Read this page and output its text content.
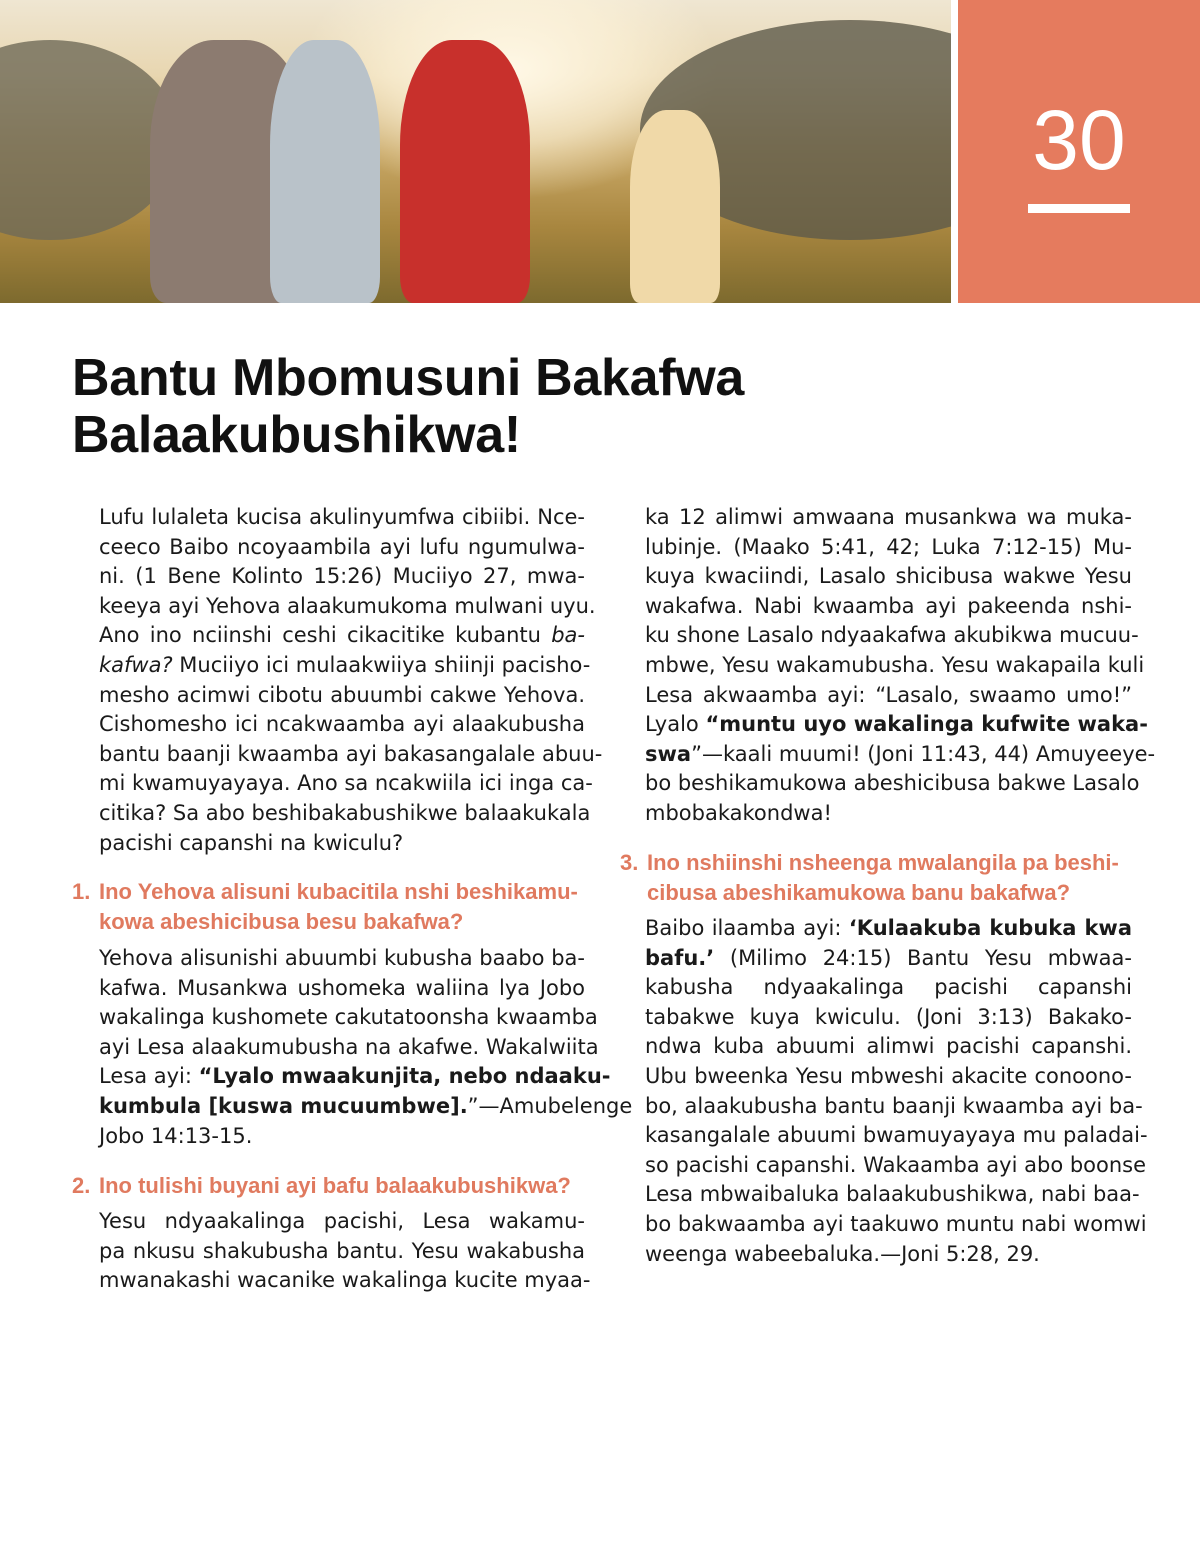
30
Bantu Mbomusuni Bakafwa
Balaakubushikwa!
Lufu lulaleta kucisa akulinyumfwa cibiibi. Nce-
ceeco Baibo ncoyaambila ayi lufu ngumulwa-
ni. (1 Bene Kolinto 15:26) Muciiyo 27, mwa-
keeya ayi Yehova alaakumukoma mulwani uyu.
Ano ino nciinshi ceshi cikacitike kubantu ba-
kafwa? Muciiyo ici mulaakwiiya shiinji pacisho-
mesho acimwi cibotu abuumbi cakwe Yehova.
Cishomesho ici ncakwaamba ayi alaakubusha
bantu baanji kwaamba ayi bakasangalale abuu-
mi kwamuyayaya. Ano sa ncakwiila ici inga ca-
citika? Sa abo beshibakabushikwe balaakukala
pacishi capanshi na kwiculu?
1. Ino Yehova alisuni kubacitila nshi beshikamu-
kowa abeshicibusa besu bakafwa?
Yehova alisunishi abuumbi kubusha baabo ba-
kafwa. Musankwa ushomeka waliina lya Jobo
wakalinga kushomete cakutatoonsha kwaamba
ayi Lesa alaakumubusha na akafwe. Wakalwiita
Lesa ayi: “Lyalo mwaakunjita, nebo ndaaku-
kumbula [kuswa mucuumbwe].”—Amubelenge
Jobo 14:13-15.
2. Ino tulishi buyani ayi bafu balaakubushikwa?
Yesu ndyaakalinga pacishi, Lesa wakamu-
pa nkusu shakubusha bantu. Yesu wakabusha
mwanakashi wacanike wakalinga kucite myaa-
3. Ino nshiinshi nsheenga mwalangila pa beshi-
cibusa abeshikamukowa banu bakafwa?
Baibo ilaamba ayi: ‘Kulaakuba kubuka kwa
bafu.’ (Milimo 24:15) Bantu Yesu mbwaa-
kabusha ndyaakalinga pacishi capanshi
tabakwe kuya kwiculu. (Joni 3:13) Bakako-
ndwa kuba abuumi alimwi pacishi capanshi.
Ubu bweenka Yesu mbweshi akacite conoono-
bo, alaakubusha bantu baanji kwaamba ayi ba-
kasangalale abuumi bwamuyayaya mu paladai-
so pacishi capanshi. Wakaamba ayi abo boonse
Lesa mbwaibaluka balaakubushikwa, nabi baa-
bo bakwaamba ayi taakuwo muntu nabi womwi
weenga wabeebaluka.—Joni 5:28, 29.
ka 12 alimwi amwaana musankwa wa muka-
lubinje. (Maako 5:41, 42; Luka 7:12-15) Mu-
kuya kwaciindi, Lasalo shicibusa wakwe Yesu
wakafwa. Nabi kwaamba ayi pakeenda nshi-
ku shone Lasalo ndyaakafwa akubikwa mucuu-
mbwe, Yesu wakamubusha. Yesu wakapaila kuli
Lesa akwaamba ayi: “Lasalo, swaamo umo!”
Lyalo “muntu uyo wakalinga kufwite waka-
swa”—kaali muumi! (Joni 11:43, 44) Amuyeeye-
bo beshikamukowa abeshicibusa bakwe Lasalo
mbobakakondwa!
